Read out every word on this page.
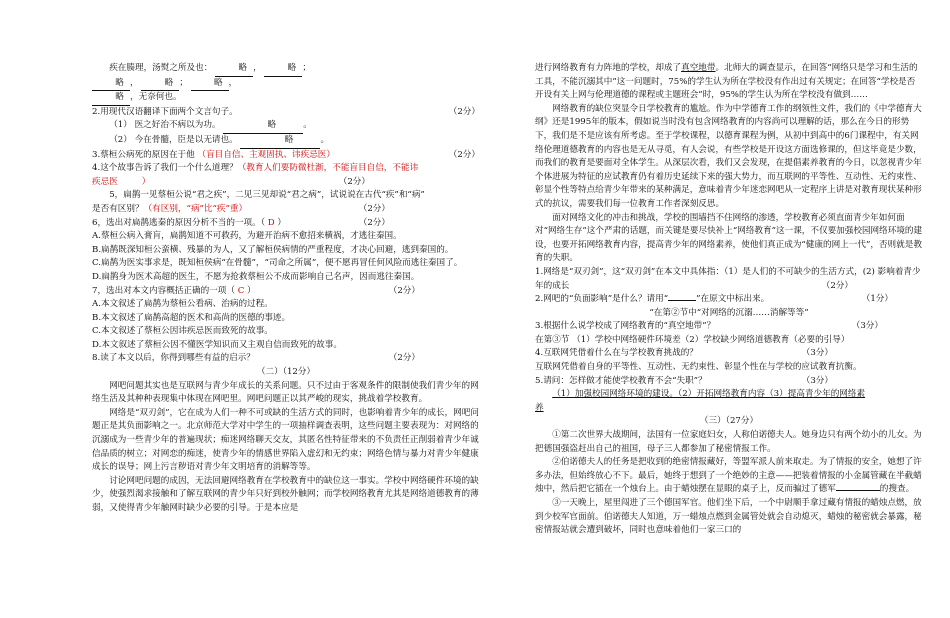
疾在腠理，汤熨之所及也：	略 ，	略 ；
略 ，	略 ；	略 ，
略 ，无奈何也。

2.用现代汉语翻译下面两个文言句子。	（2分）

（1） 医之好治不病以为功。	略	。

（2） 今在骨髓，臣是以无请也。	略	。

3.蔡桓公病死的原因在于他 （盲目自信、主观固执、讳疾忌医）	（2分）

4.这个故事告诉了我们一个什么道理？（教育人们要防微杜渐，不能盲目自信，不能讳
疾忌医	）	（2分）

5，扁鹊一见蔡桓公说“君之疾”，二见三见却说“君之病”，试说说在古代“疾”和“病”

是否有区别？（有区别，“病”比“疾”重）	（2分）

6，选出对扁鹊逃秦的原因分析不当的一项。（ D ）	（2分）

A.蔡桓公病入膏肓，扁鹊知道不可救药，为避开治病不愈招来横祸，才逃往秦国。

B.扁鹊既深知桓公蛮横、残暴的为人，又了解桓侯病情的严重程度，才决心回避，逃到秦国的。

C.扁鹊为医实事求是，既知桓侯病“在骨髓”，“司命之所属”，便不愿再冒任何风险而逃往秦国了。

D.扁鹊身为医术高超的医生，不愿为抢救蔡桓公不成而影响自己名声，因而逃往秦国。

7，选出对本文内容概括正确的一项（ C ）	（2分）

A.本文叙述了扁鹊为蔡桓公看病、治病的过程。

B.本文叙述了扁鹊高超的医术和高尚的医德的事迹。

C.本文叙述了蔡桓公因讳疾忌医而致死的故事。

D.本文叙述了蔡桓公因不懂医学知识而又主观自信而致死的故事。

8.读了本文以后，你得到哪些有益的启示？	（2分）

（二）（12分）

网吧问题其实也是互联网与青少年成长的关系问题。只不过由于客观条件的限制使我们青少年的网络生活及其种种表现集中体现在网吧里。网吧问题正以其严峻的现实，挑战着学校教育。

网络是“双刃剑”，它在成为人们一种不可或缺的生活方式的同时，也影响着青少年的成长，网吧问题正是其负面影响之一。北京师范大学对中学生的一项抽样调查表明，这些问题主要表现为：对网络的沉溺成为一些青少年的普遍现状；痴迷网络聊天交友，其匿名性特征带来的不负责任正削弱着青少年诚信品质的树立；对网恋的痴迷，使青少年的情感世界陷入虚幻和无约束；网络色情与暴力对青少年健康成长的误导；网上污言秽语对青少年文明培育的消解等等。

讨论网吧问题的成因，无法回避网络教育在学校教育中的缺位这一事实。学校中网络硬件环境的缺少，使强烈渴求接触和了解互联网的青少年只好到校外触网；而学校网络教育尤其是网络道德教育的薄弱，又使得青少年触网时缺少必要的引导。于是本应是

进行网络教育有力阵地的学校，却成了真空地带。北师大的调查显示，在回答“网络只是学习和生活的工具，不能沉溺其中”这一问题时，75%的学生认为所在学校没有作出过有关规定；在回答“学校是否开设有关上网与伦理道德的课程或主题班会”时，95%的学生认为所在学校没有做到……

网络教育的缺位突显令日学校教育的尴尬。作为中学德育工作的纲领性文件，我们的《中学德育大纲》还是1995年的版本，假如说当时没有包含网络教育的内容尚可以理解的话，那么在今日的形势下，我们是不是应该有所考虑。至于学校课程，以德育课程为例，从初中到高中的6门课程中，有关网络伦理道德教育的内容也是无从寻觅，有人会说，有些学校是开设这方面选修课的，但这毕竟是少数，而我们的教育是要面对全体学生。从深层次看，我们又会发现，在提倡素养教育的今日，以忽视青少年个体进展为特征的应试教育仍有着历史延续下来的强大势力，而互联网的平等性、互动性、无约束性、彰显个性等特点给青少年带来的某种满足，意味着青少年迷恋网吧从一定程序上讲是对教育现状某种形式的抗议，需要我们每一位教育工作者深刻反思。

面对网络文化的冲击和挑战，学校的围墙挡不住网络的渗透，学校教育必须直面青少年如何面对“网络生存”这个严肃的话题，而关键是要尽快补上“网络教育”这一课，不仅要加强校园网络环境的建设，也要开拓网络教育内容，提高青少年的网络素养，使他们真正成为“健康的网上一代”，否则就是教育的失职。

1.网络是“双刃剑”，这“双刃剑”在本文中具体指：（1）是人们的不可缺少的生活方式，(2) 影响着青少年的成长	（2分）

2.网吧的“负面影响”是什么？请用“	”在原文中标出来。	（1分）

“在第②节中“对网络的沉溺……消解等等”

3.根据什么说学校成了网络教育的“真空地带”？	（3分）

在第③节 （1）学校中网络硬件环境差（2）学校缺少网络道德教育（必要的引导）

4.互联网凭借着什么在与学校教育挑战的？	（3分）

互联网凭借着自身的平等性、互动性、无约束性、彰显个性在与学校的应试教育抗衡。

5.请问：怎样做才能使学校教育不会“失职”？	（3分）

（1）加强校园网络环境的建设。（2）开拓网络教育内容（3）提高青少年的网络素

养

（三）（27分）

①第二次世界大战期间，法国有一位家庭妇女，人称伯诺德夫人。她身边只有两个幼小的儿女。为把德国强盗赶出自己的祖国，母子三人都参加了秘密情报工作。

②伯诺德夫人的任务是把收到的绝密情报藏好，等盟军派人前来取走。为了情报的安全，她想了许多办法，但始终放心不下。最后，她终于想到了一个绝妙的主意——把装着情报的小金属管藏在半截蜡烛中，然后把它插在一个烛台上。由于蜡烛摆在显眼的桌子上，反而骗过了德军	的搜查。

③一天晚上，屋里闯进了三个德国军官。他们坐下后，一个中尉顺手拿过藏有情报的蜡烛点燃，放到少校军官面前。伯诺德夫人知道，万一蜡烛点燃到金属管处就会自动熄灭，蜡烛的秘密就会暴露，秘密情报站就会遭到破坏，同时也意味着他们一家三口的
